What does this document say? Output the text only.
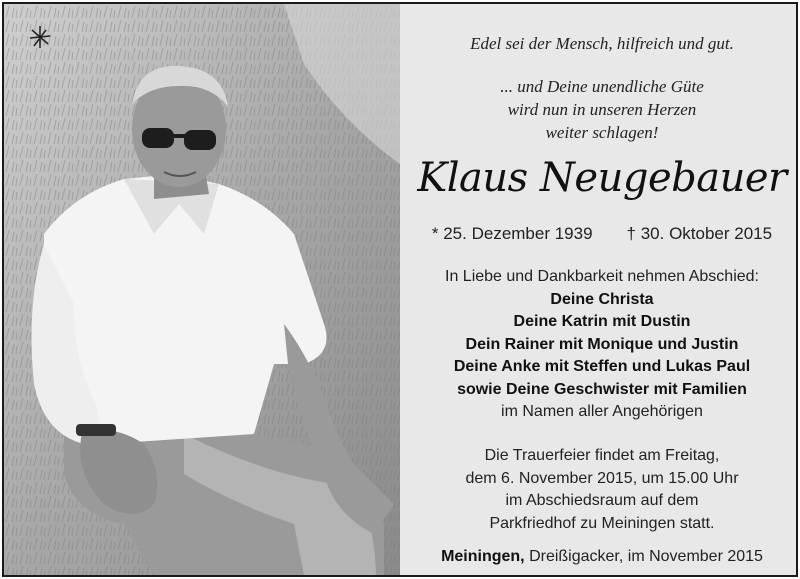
Edel sei der Mensch, hilfreich und gut.
... und Deine unendliche Güte
wird nun in unseren Herzen
weiter schlagen!
Klaus Neugebauer
* 25. Dezember 1939 † 30. Oktober 2015
In Liebe und Dankbarkeit nehmen Abschied:
Deine Christa
Deine Katrin mit Dustin
Dein Rainer mit Monique und Justin
Deine Anke mit Steffen und Lukas Paul
sowie Deine Geschwister mit Familien
im Namen aller Angehörigen
Die Trauerfeier findet am Freitag,
dem 6. November 2015, um 15.00 Uhr
im Abschiedsraum auf dem
Parkfriedhof zu Meiningen statt.
Meiningen, Dreißigacker, im November 2015
